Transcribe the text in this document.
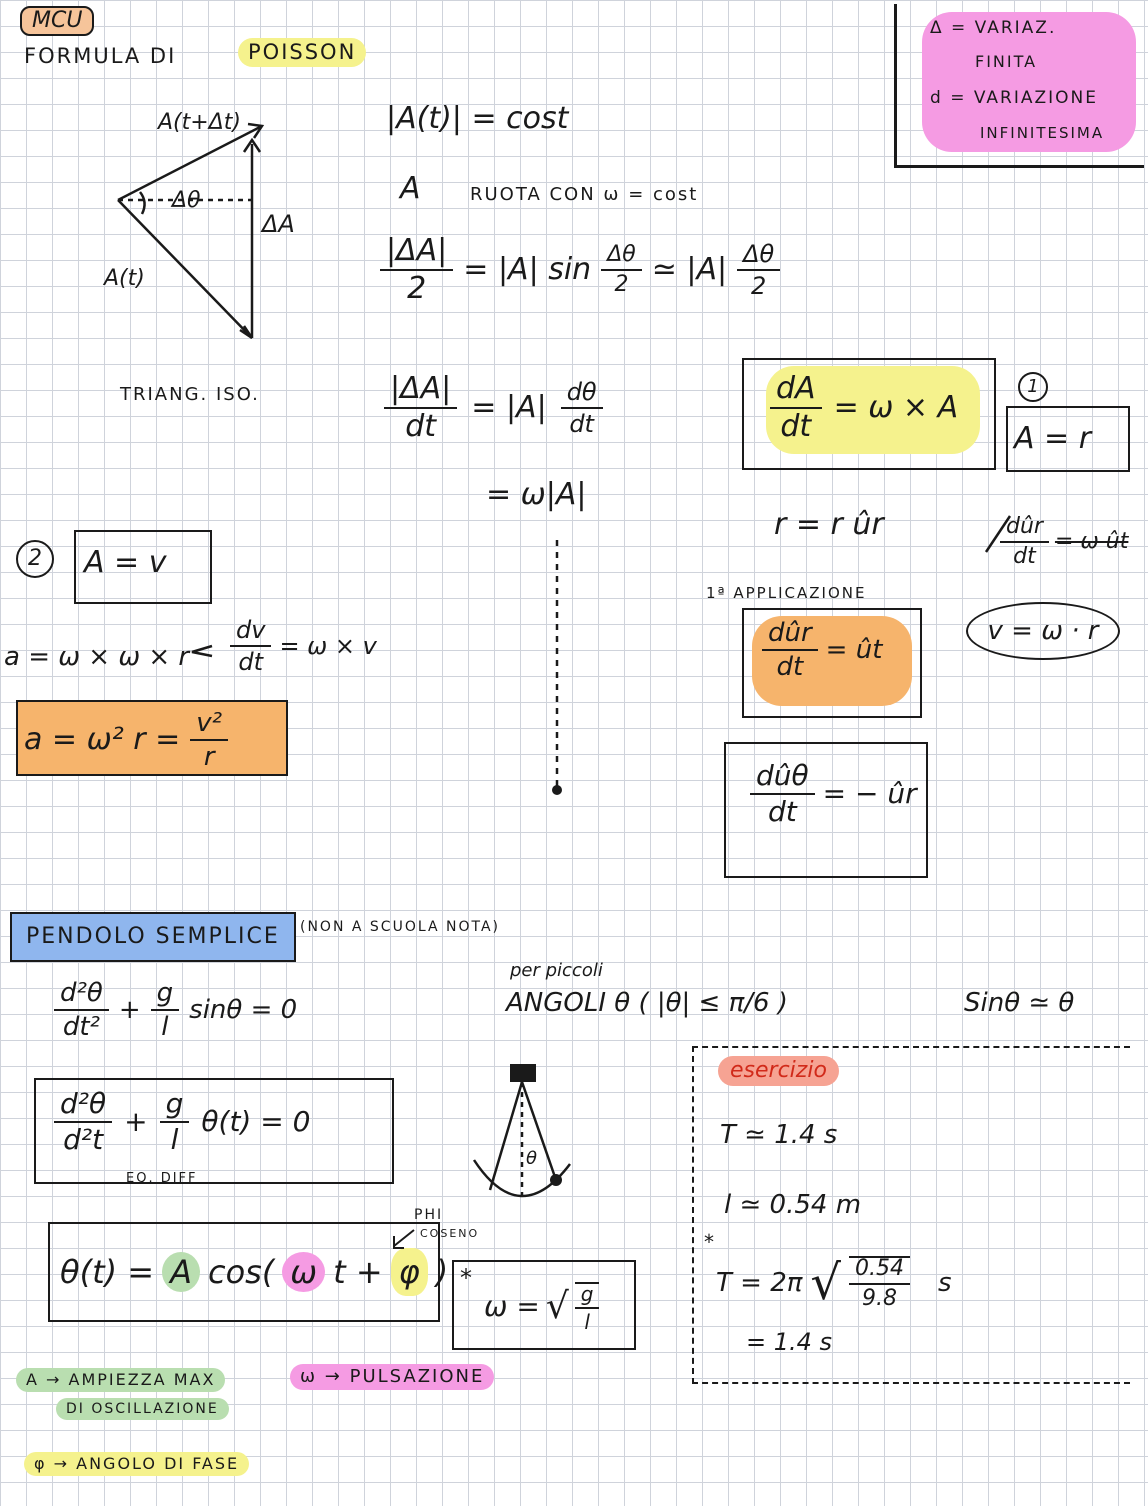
MCU
FORMULA DI	POISSON
Δ = VARIAZ.
FINITA
d = VARIAZIONE
INFINITESIMA
A(t+Δt)
A(t)
Δθ
ΔA
TRIANG. ISO.
|A(t)| = cost
A	RUOTA CON ω = cost
$\frac{|\Delta A|}{2} = |A|$ $\sin \frac{\Delta\theta}{2}$ ≃ $|A| \frac{\Delta\theta}{2}$
$\frac{|\Delta A|}{dt} = |A| \frac{d\theta}{dt}$
= ω|A|
$\frac{dA}{dt} = \omega \times A$
1
A = r
r = r ûr	$\frac{\text{dûr}}{dt} = \omega$ ût
2	A = v
1ª APPLICAZIONE
$\frac{\text{dûr}}{dt}$ = ût
v = ω · r
$\frac{\text{dûθ}}{dt}$ = − ûr
a = ω × ω × r $\frac{dv}{dt} = \omega \times v$
a = ω² $r = \frac{\text{v²}}{r}$
PENDOLO SEMPLICE	(NON A SCUOLA NOTA)
$\frac{\text{d²θ}}{\text{dt²}} + \frac{g}{l}$ sinθ = 0
per piccoli
ANGOLI θ ( |θ| ≤ π/6 )	Sinθ ≃ θ
$\frac{\text{d²θ}}{\text{d²t}} + \frac{g}{l} \theta(t) = 0$
EQ. DIFF
θ
θ(t) = A cos( ω t + φ )
PHI
COSENO
*
ω = √ $\frac{g}{l}$
A → AMPIEZZA MAX
DI OSCILLAZIONE
ω → PULSAZIONE
φ → ANGOLO DI FASE
esercizio
T ≃ 1.4 s
l ≃ 0.54 m
*
T = 2π √ $\frac{0.54}{9.8}$ s
= 1.4 s
